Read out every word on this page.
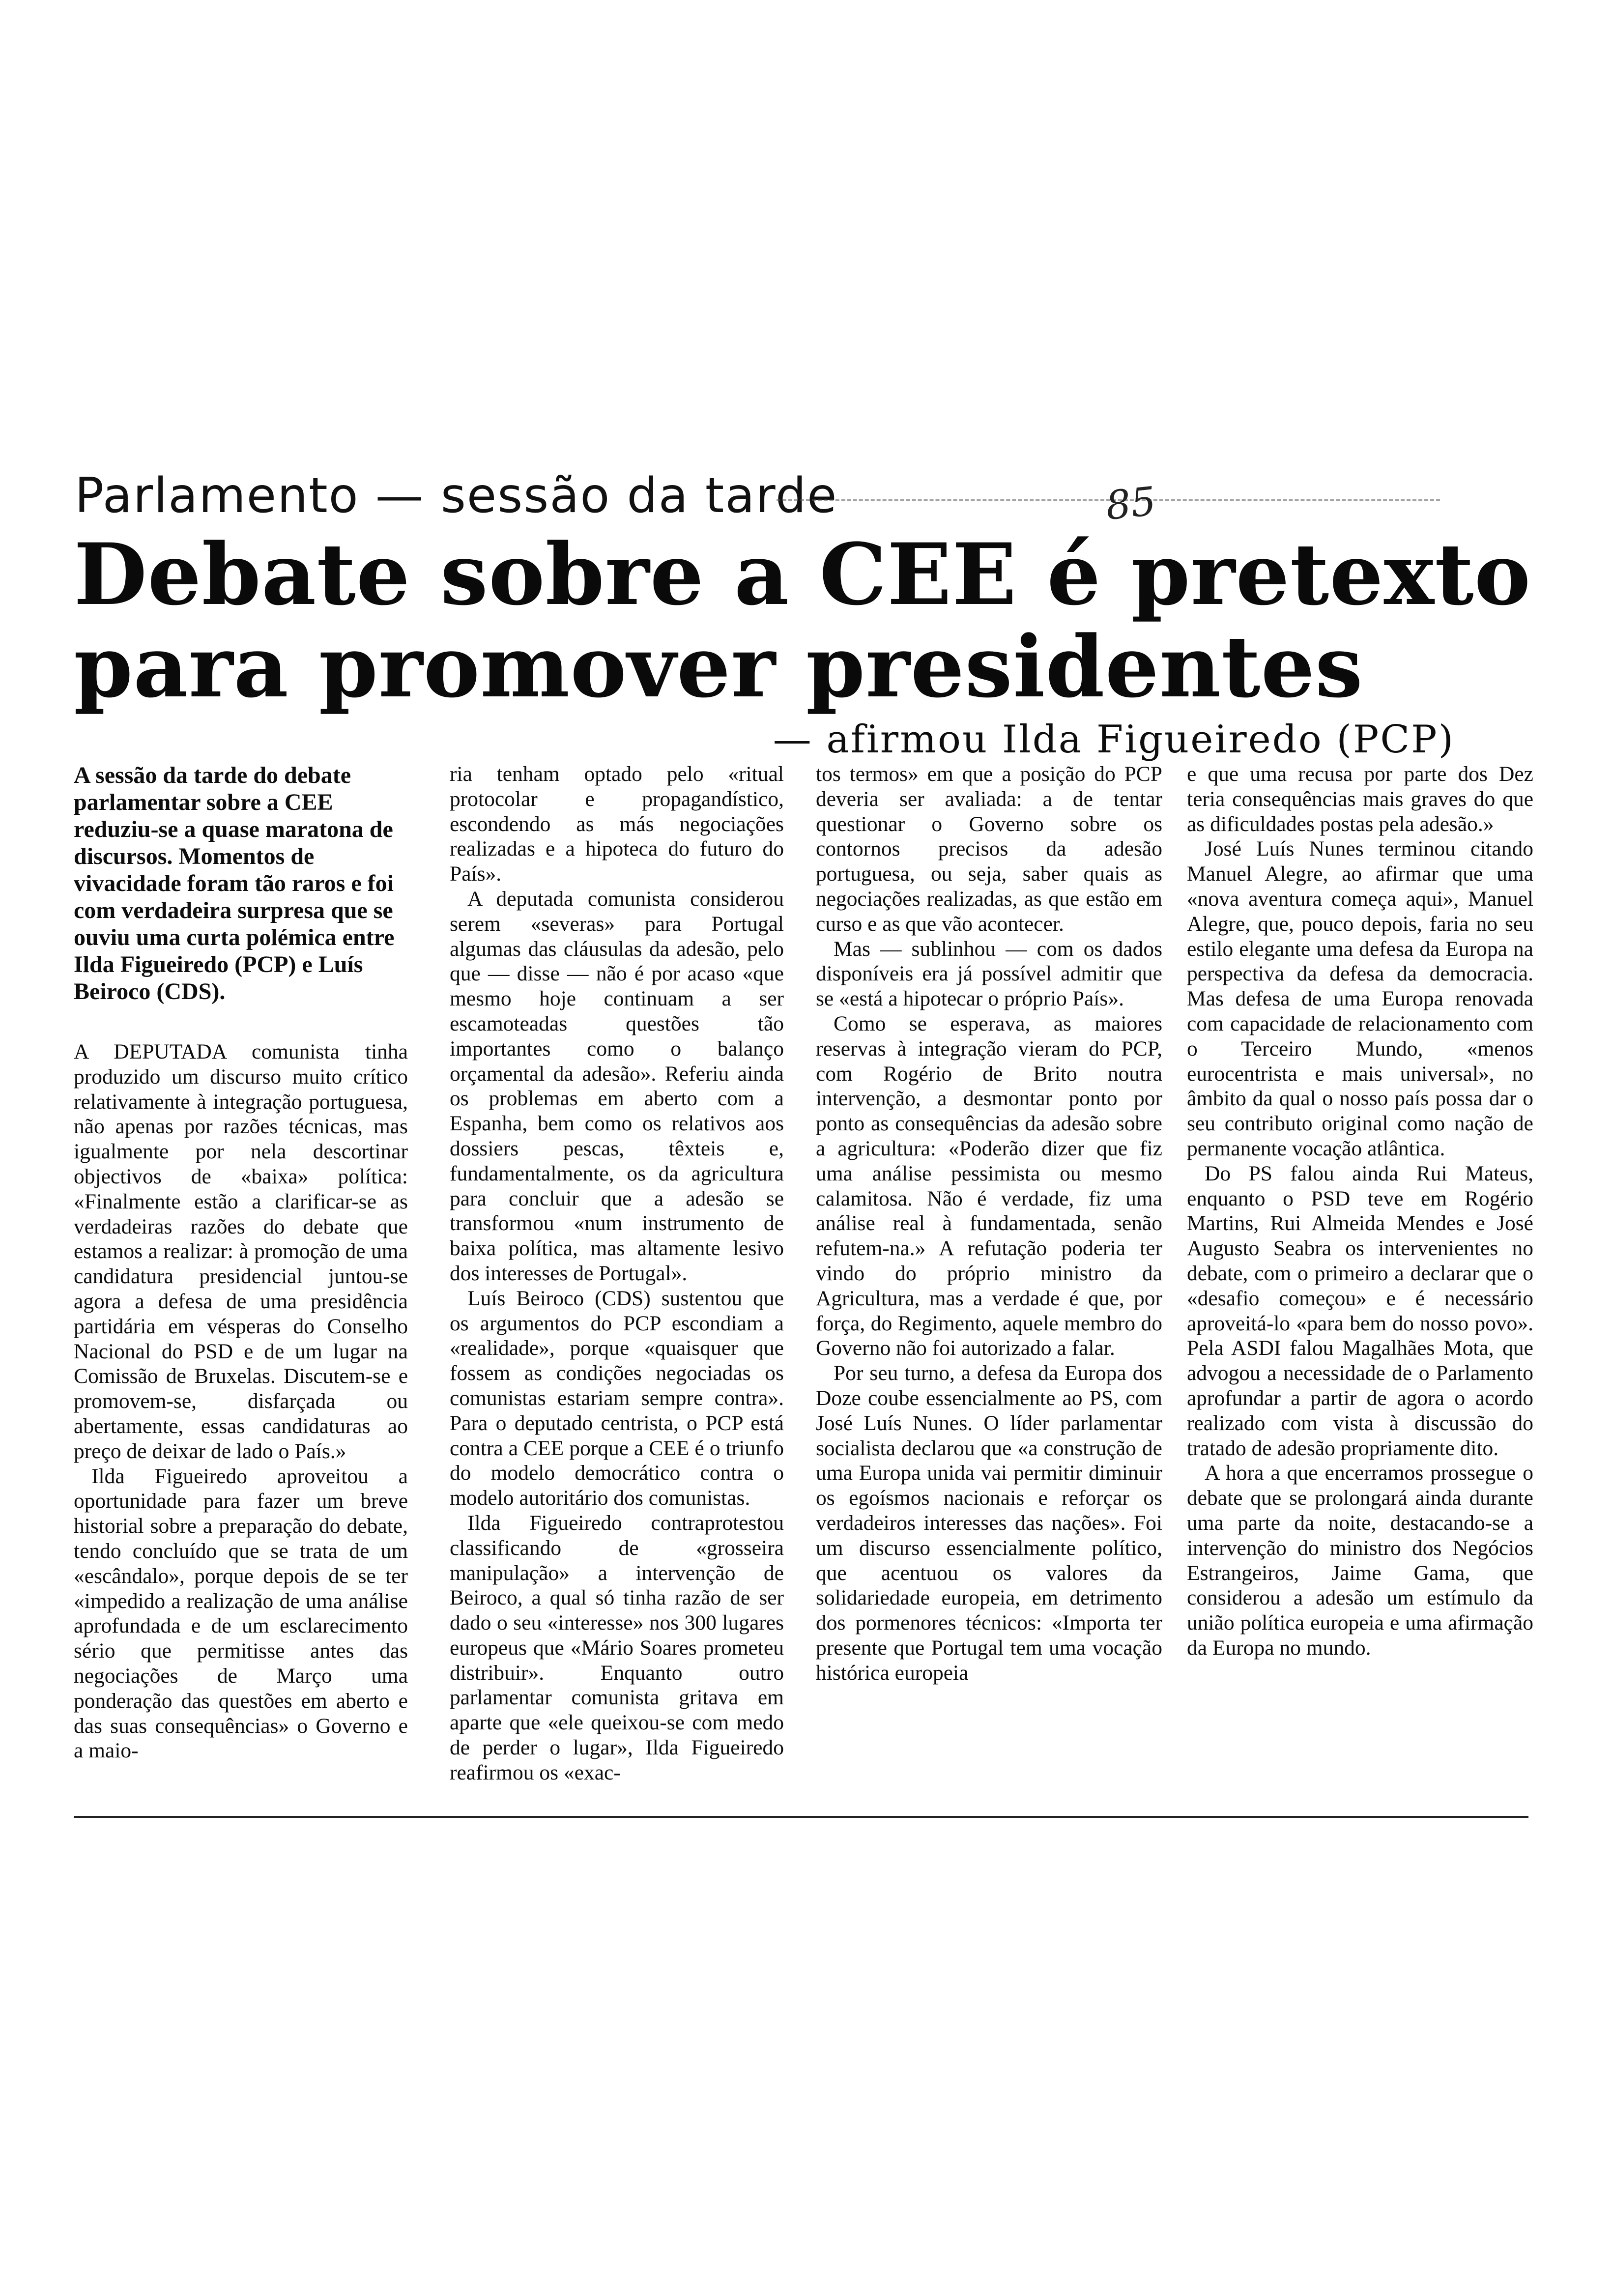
Parlamento — sessão da tarde	85
Debate sobre a CEE é pretexto
para promover presidentes
— afirmou Ilda Figueiredo (PCP)
A sessão da tarde do debate parlamentar sobre a CEE reduziu-se a quase maratona de discursos. Momentos de vivacidade foram tão raros e foi com verdadeira surpresa que se ouviu uma curta polémica entre Ilda Figueiredo (PCP) e Luís Beiroco (CDS).

A DEPUTADA comunista tinha produzido um discurso muito crítico relativamente à integração portuguesa, não apenas por razões técnicas, mas igualmente por nela descortinar objectivos de «baixa» política: «Finalmente estão a clarificar-se as verdadeiras razões do debate que estamos a realizar: à promoção de uma candidatura presidencial juntou-se agora a defesa de uma presidência partidária em vésperas do Conselho Nacional do PSD e de um lugar na Comissão de Bruxelas. Discutem-se e promovem-se, disfarçada ou abertamente, essas candidaturas ao preço de deixar de lado o País.»

Ilda Figueiredo aproveitou a oportunidade para fazer um breve historial sobre a preparação do debate, tendo concluído que se trata de um «escândalo», porque depois de se ter «impedido a realização de uma análise aprofundada e de um esclarecimento sério que permitisse antes das negociações de Março uma ponderação das questões em aberto e das suas consequências» o Governo e a maio-

ria tenham optado pelo «ritual protocolar e propagandístico, escondendo as más negociações realizadas e a hipoteca do futuro do País».

A deputada comunista considerou serem «severas» para Portugal algumas das cláusulas da adesão, pelo que — disse — não é por acaso «que mesmo hoje continuam a ser escamoteadas questões tão importantes como o balanço orçamental da adesão». Referiu ainda os problemas em aberto com a Espanha, bem como os relativos aos dossiers pescas, têxteis e, fundamentalmente, os da agricultura para concluir que a adesão se transformou «num instrumento de baixa política, mas altamente lesivo dos interesses de Portugal».

Luís Beiroco (CDS) sustentou que os argumentos do PCP escondiam a «realidade», porque «quaisquer que fossem as condições negociadas os comunistas estariam sempre contra». Para o deputado centrista, o PCP está contra a CEE porque a CEE é o triunfo do modelo democrático contra o modelo autoritário dos comunistas.

Ilda Figueiredo contraprotestou classificando de «grosseira manipulação» a intervenção de Beiroco, a qual só tinha razão de ser dado o seu «interesse» nos 300 lugares europeus que «Mário Soares prometeu distribuir». Enquanto outro parlamentar comunista gritava em aparte que «ele queixou-se com medo de perder o lugar», Ilda Figueiredo reafirmou os «exac-

tos termos» em que a posição do PCP deveria ser avaliada: a de tentar questionar o Governo sobre os contornos precisos da adesão portuguesa, ou seja, saber quais as negociações realizadas, as que estão em curso e as que vão acontecer.

Mas — sublinhou — com os dados disponíveis era já possível admitir que se «está a hipotecar o próprio País».

Como se esperava, as maiores reservas à integração vieram do PCP, com Rogério de Brito noutra intervenção, a desmontar ponto por ponto as consequências da adesão sobre a agricultura: «Poderão dizer que fiz uma análise pessimista ou mesmo calamitosa. Não é verdade, fiz uma análise real à fundamentada, senão refutem-na.» A refutação poderia ter vindo do próprio ministro da Agricultura, mas a verdade é que, por força, do Regimento, aquele membro do Governo não foi autorizado a falar.

Por seu turno, a defesa da Europa dos Doze coube essencialmente ao PS, com José Luís Nunes. O líder parlamentar socialista declarou que «a construção de uma Europa unida vai permitir diminuir os egoísmos nacionais e reforçar os verdadeiros interesses das nações». Foi um discurso essencialmente político, que acentuou os valores da solidariedade europeia, em detrimento dos pormenores técnicos: «Importa ter presente que Portugal tem uma vocação histórica europeia

e que uma recusa por parte dos Dez teria consequências mais graves do que as dificuldades postas pela adesão.»

José Luís Nunes terminou citando Manuel Alegre, ao afirmar que uma «nova aventura começa aqui», Manuel Alegre, que, pouco depois, faria no seu estilo elegante uma defesa da Europa na perspectiva da defesa da democracia. Mas defesa de uma Europa renovada com capacidade de relacionamento com o Terceiro Mundo, «menos eurocentrista e mais universal», no âmbito da qual o nosso país possa dar o seu contributo original como nação de permanente vocação atlântica.

Do PS falou ainda Rui Mateus, enquanto o PSD teve em Rogério Martins, Rui Almeida Mendes e José Augusto Seabra os intervenientes no debate, com o primeiro a declarar que o «desafio começou» e é necessário aproveitá-lo «para bem do nosso povo». Pela ASDI falou Magalhães Mota, que advogou a necessidade de o Parlamento aprofundar a partir de agora o acordo realizado com vista à discussão do tratado de adesão propriamente dito.

A hora a que encerramos prossegue o debate que se prolongará ainda durante uma parte da noite, destacando-se a intervenção do ministro dos Negócios Estrangeiros, Jaime Gama, que considerou a adesão um estímulo da união política europeia e uma afirmação da Europa no mundo.
